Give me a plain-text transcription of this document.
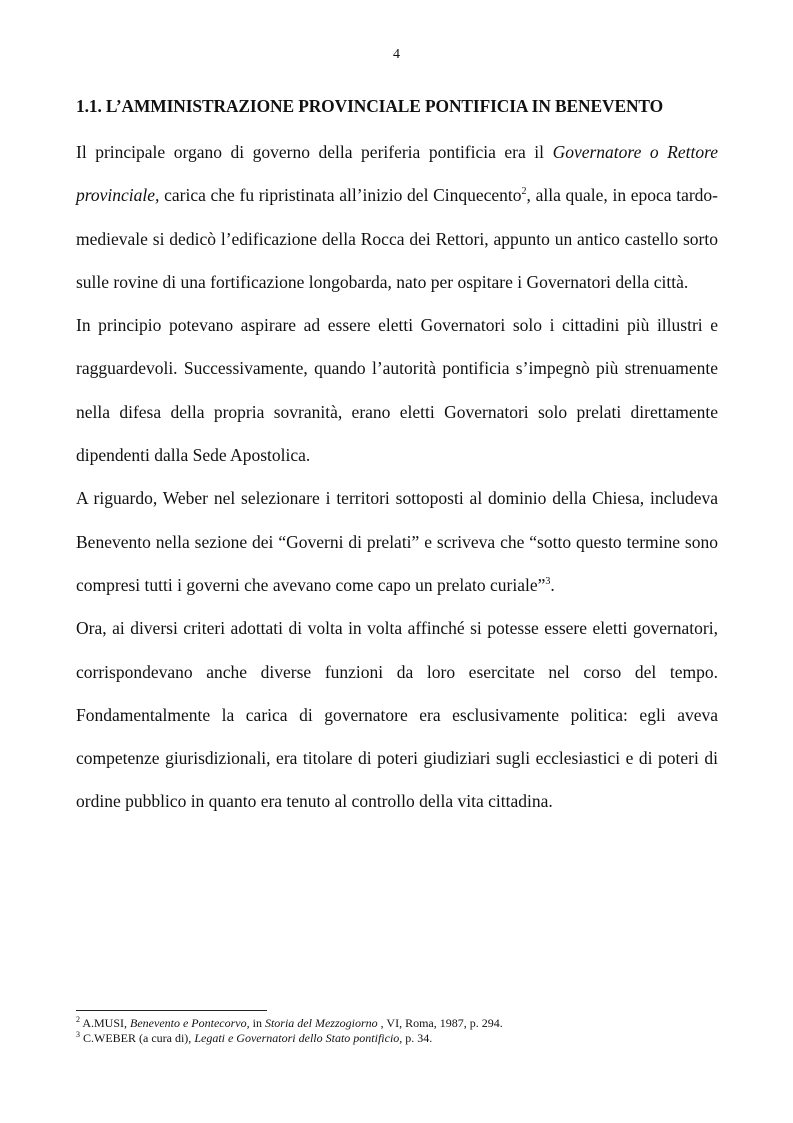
4
1.1. L’AMMINISTRAZIONE PROVINCIALE PONTIFICIA IN BENEVENTO

Il principale organo di governo della periferia pontificia era il Governatore o Rettore provinciale, carica che fu ripristinata all’inizio del Cinquecento$^2$, alla quale, in epoca tardo-medievale si dedicò l’edificazione della Rocca dei Rettori, appunto un antico castello sorto sulle rovine di una fortificazione longobarda, nato per ospitare i Governatori della città.

In principio potevano aspirare ad essere eletti Governatori solo i cittadini più illustri e ragguardevoli. Successivamente, quando l’autorità pontificia s’impegnò più strenuamente nella difesa della propria sovranità, erano eletti Governatori solo prelati direttamente dipendenti dalla Sede Apostolica.

A riguardo, Weber nel selezionare i territori sottoposti al dominio della Chiesa, includeva Benevento nella sezione dei “Governi di prelati” e scriveva che “sotto questo termine sono compresi tutti i governi che avevano come capo un prelato curiale”$^3$.

Ora, ai diversi criteri adottati di volta in volta affinché si potesse essere eletti governatori, corrispondevano anche diverse funzioni da loro esercitate nel corso del tempo. Fondamentalmente la carica di governatore era esclusivamente politica: egli aveva competenze giurisdizionali, era titolare di poteri giudiziari sugli ecclesiastici e di poteri di ordine pubblico in quanto era tenuto al controllo della vita cittadina.

$^2$ A.MUSI, Benevento e Pontecorvo, in Storia del Mezzogiorno , VI, Roma, 1987, p. 294.
$^3$ C.WEBER (a cura di), Legati e Governatori dello Stato pontificio, p. 34.
